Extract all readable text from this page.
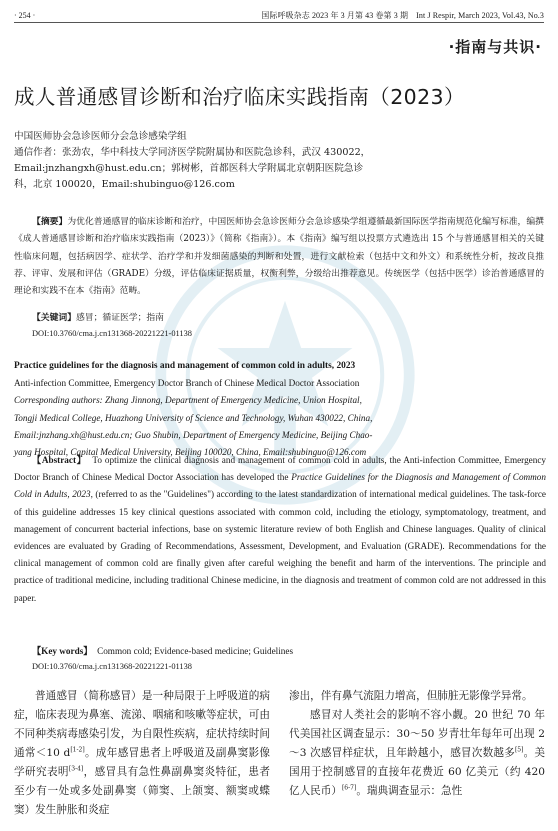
· 254 ·	国际呼吸杂志 2023 年 3 月第 43 卷第 3 期　Int J Respir, March 2023, Vol.43, No.3
·指南与共识·
成人普通感冒诊断和治疗临床实践指南（2023）
中国医师协会急诊医师分会急诊感染学组
通信作者：张劲农，华中科技大学同济医学院附属协和医院急诊科，武汉 430022，
Email:jnzhangxh@hust.edu.cn；郭树彬，首都医科大学附属北京朝阳医院急诊
科，北京 100020，Email:shubinguo@126.com

【摘要】为优化普通感冒的临床诊断和治疗，中国医师协会急诊医师分会急诊感染学组遵循最新国际医学指南规范化编写标准，编撰《成人普通感冒诊断和治疗临床实践指南（2023）》（简称《指南》）。本《指南》编写组以投票方式遴选出 15 个与普通感冒相关的关键性临床问题，包括病因学、症状学、治疗学和并发细菌感染的判断和处置，进行文献检索（包括中文和外文）和系统性分析，按改良推荐、评审、发展和评估（GRADE）分级，评估临床证据质量，权衡利弊，分级给出推荐意见。传统医学（包括中医学）诊治普通感冒的理论和实践不在本《指南》范畴。

【关键词】感冒；循证医学；指南
DOI:10.3760/cma.j.cn131368-20221221-01138
Practice guidelines for the diagnosis and management of common cold in adults, 2023
Anti-infection Committee, Emergency Doctor Branch of Chinese Medical Doctor Association
Corresponding authors: Zhang Jinnong, Department of Emergency Medicine, Union Hospital,
Tongji Medical College, Huazhong University of Science and Technology, Wuhan 430022, China,
Email:jnzhang.xh@hust.edu.cn; Guo Shubin, Department of Emergency Medicine, Beijing Chao-
yang Hospital, Capital Medical University, Beijing 100020, China, Email:shubinguo@126.com

【Abstract】 To optimize the clinical diagnosis and management of common cold in adults, the Anti-infection Committee, Emergency Doctor Branch of Chinese Medical Doctor Association has developed the Practice Guidelines for the Diagnosis and Management of Common Cold in Adults, 2023, (referred to as the "Guidelines") according to the latest standardization of international medical guidelines. The task-force of this guideline addresses 15 key clinical questions associated with common cold, including the etiology, symptomatology, treatment, and management of concurrent bacterial infections, base on systemic literature review of both English and Chinese languages. Quality of clinical evidences are evaluated by Grading of Recommendations, Assessment, Development, and Evaluation (GRADE). Recommendations for the clinical management of common cold are finally given after careful weighing the benefit and harm of the interventions. The principle and practice of traditional medicine, including traditional Chinese medicine, in the diagnosis and treatment of common cold are not addressed in this paper.

【Key words】 Common cold; Evidence-based medicine; Guidelines
DOI:10.3760/cma.j.cn131368-20221221-01138

普通感冒（简称感冒）是一种局限于上呼吸道的病症，临床表现为鼻塞、流涕、咽痛和咳嗽等症状，可由不同种类病毒感染引发，为自限性疾病，症状持续时间通常＜10 d[1-2]。成年感冒患者上呼吸道及副鼻窦影像学研究表明[3-4]，感冒具有急性鼻副鼻窦炎特征，患者至少有一处或多处副鼻窦（筛窦、上颌窦、额窦或蝶窦）发生肿胀和炎症

渗出，伴有鼻气流阻力增高，但肺脏无影像学异常。

感冒对人类社会的影响不容小觑。20 世纪 70 年代美国社区调查显示：30～50 岁青壮年每年可出现 2～3 次感冒样症状，且年龄越小，感冒次数越多[5]。美国用于控制感冒的直接年花费近 60 亿美元（约 420 亿人民币）[6-7]。瑞典调查显示：急性
